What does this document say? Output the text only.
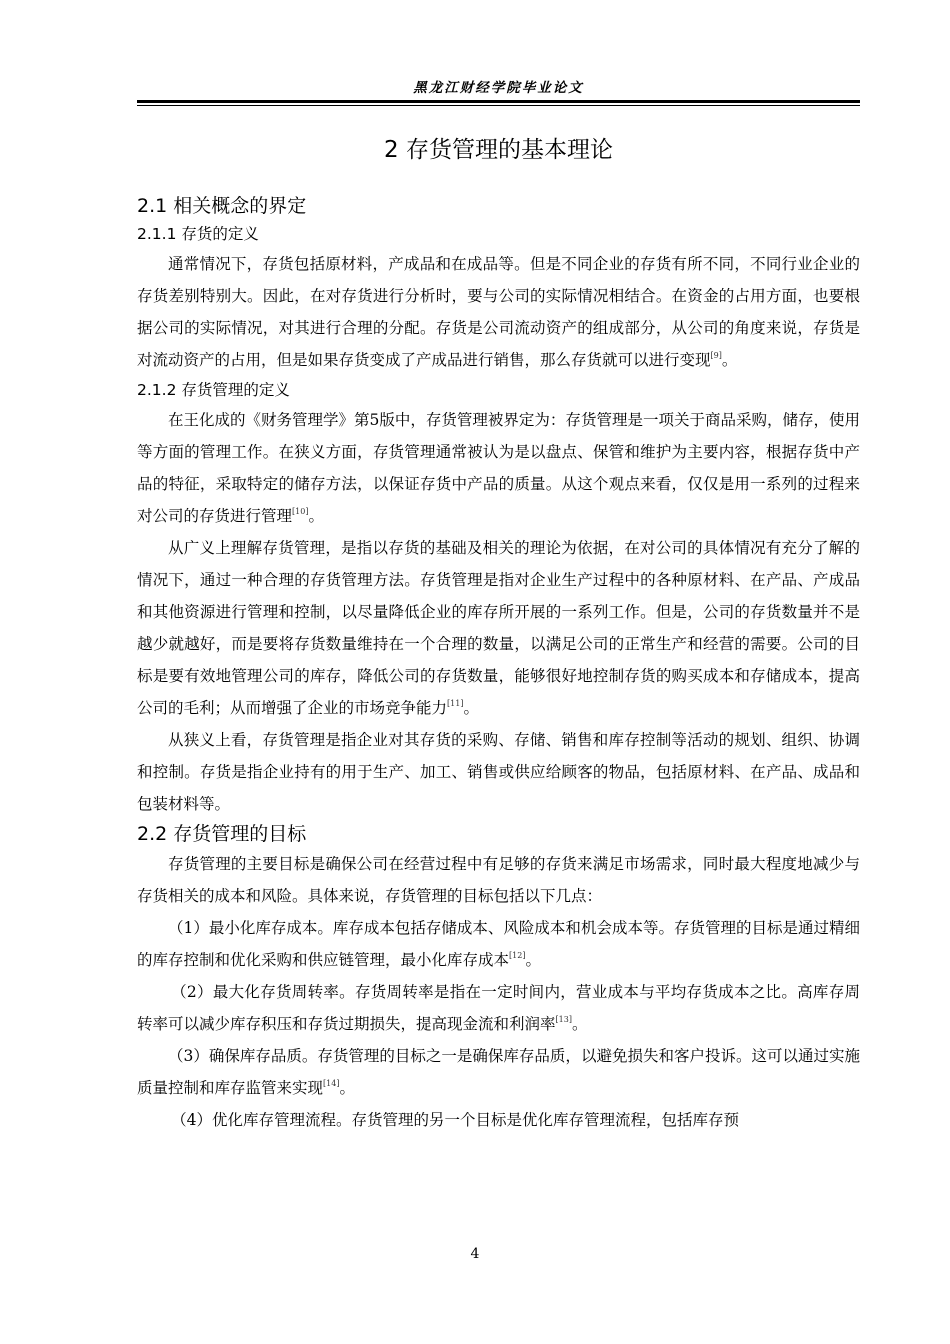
黑龙江财经学院毕业论文
2 存货管理的基本理论
2.1 相关概念的界定
2.1.1 存货的定义

通常情况下，存货包括原材料，产成品和在成品等。但是不同企业的存货有所不同，不同行业企业的存货差别特别大。因此，在对存货进行分析时，要与公司的实际情况相结合。在资金的占用方面，也要根据公司的实际情况，对其进行合理的分配。存货是公司流动资产的组成部分，从公司的角度来说，存货是对流动资产的占用，但是如果存货变成了产成品进行销售，那么存货就可以进行变现[9]。

2.1.2 存货管理的定义

在王化成的《财务管理学》第5版中，存货管理被界定为：存货管理是一项关于商品采购，储存，使用等方面的管理工作。在狭义方面，存货管理通常被认为是以盘点、保管和维护为主要内容，根据存货中产品的特征，采取特定的储存方法，以保证存货中产品的质量。从这个观点来看，仅仅是用一系列的过程来对公司的存货进行管理[10]。

从广义上理解存货管理，是指以存货的基础及相关的理论为依据，在对公司的具体情况有充分了解的情况下，通过一种合理的存货管理方法。存货管理是指对企业生产过程中的各种原材料、在产品、产成品和其他资源进行管理和控制，以尽量降低企业的库存所开展的一系列工作。但是，公司的存货数量并不是越少就越好，而是要将存货数量维持在一个合理的数量，以满足公司的正常生产和经营的需要。公司的目标是要有效地管理公司的库存，降低公司的存货数量，能够很好地控制存货的购买成本和存储成本，提高公司的毛利；从而增强了企业的市场竞争能力[11]。

从狭义上看，存货管理是指企业对其存货的采购、存储、销售和库存控制等活动的规划、组织、协调和控制。存货是指企业持有的用于生产、加工、销售或供应给顾客的物品，包括原材料、在产品、成品和包装材料等。

2.2 存货管理的目标

存货管理的主要目标是确保公司在经营过程中有足够的存货来满足市场需求，同时最大程度地减少与存货相关的成本和风险。具体来说，存货管理的目标包括以下几点：

（1）最小化库存成本。库存成本包括存储成本、风险成本和机会成本等。存货管理的目标是通过精细的库存控制和优化采购和供应链管理，最小化库存成本[12]。

（2）最大化存货周转率。存货周转率是指在一定时间内，营业成本与平均存货成本之比。高库存周转率可以减少库存积压和存货过期损失，提高现金流和利润率[13]。

（3）确保库存品质。存货管理的目标之一是确保库存品质，以避免损失和客户投诉。这可以通过实施质量控制和库存监管来实现[14]。

（4）优化库存管理流程。存货管理的另一个目标是优化库存管理流程，包括库存预

4
